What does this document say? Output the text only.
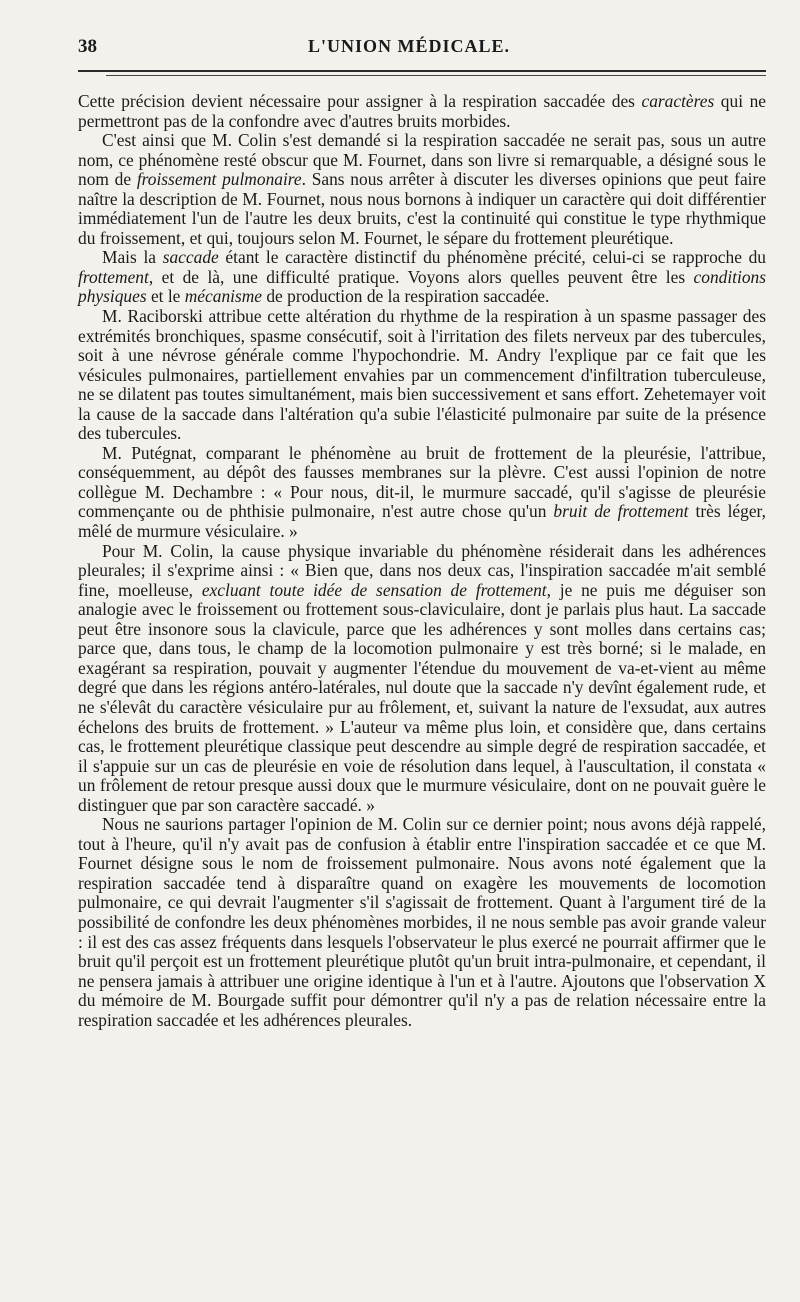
38	L'UNION MÉDICALE.

Cette précision devient nécessaire pour assigner à la respiration saccadée des caractères qui ne permettront pas de la confondre avec d'autres bruits morbides.

C'est ainsi que M. Colin s'est demandé si la respiration saccadée ne serait pas, sous un autre nom, ce phénomène resté obscur que M. Fournet, dans son livre si remarquable, a désigné sous le nom de froissement pulmonaire. Sans nous arrêter à discuter les diverses opinions que peut faire naître la description de M. Fournet, nous nous bornons à indiquer un caractère qui doit différentier immédiatement l'un de l'autre les deux bruits, c'est la continuité qui constitue le type rhythmique du froissement, et qui, toujours selon M. Fournet, le sépare du frottement pleurétique.

Mais la saccade étant le caractère distinctif du phénomène précité, celui-ci se rapproche du frottement, et de là, une difficulté pratique. Voyons alors quelles peuvent être les conditions physiques et le mécanisme de production de la respiration saccadée.

M. Raciborski attribue cette altération du rhythme de la respiration à un spasme passager des extrémités bronchiques, spasme consécutif, soit à l'irritation des filets nerveux par des tubercules, soit à une névrose générale comme l'hypochondrie. M. Andry l'explique par ce fait que les vésicules pulmonaires, partiellement envahies par un commencement d'infiltration tuberculeuse, ne se dilatent pas toutes simultanément, mais bien successivement et sans effort. Zehetemayer voit la cause de la saccade dans l'altération qu'a subie l'élasticité pulmonaire par suite de la présence des tubercules.

M. Putégnat, comparant le phénomène au bruit de frottement de la pleurésie, l'attribue, conséquemment, au dépôt des fausses membranes sur la plèvre. C'est aussi l'opinion de notre collègue M. Dechambre : « Pour nous, dit-il, le murmure saccadé, qu'il s'agisse de pleurésie commençante ou de phthisie pulmonaire, n'est autre chose qu'un bruit de frottement très léger, mêlé de murmure vésiculaire. »

Pour M. Colin, la cause physique invariable du phénomène résiderait dans les adhérences pleurales; il s'exprime ainsi : « Bien que, dans nos deux cas, l'inspiration saccadée m'ait semblé fine, moelleuse, excluant toute idée de sensation de frottement, je ne puis me déguiser son analogie avec le froissement ou frottement sous-claviculaire, dont je parlais plus haut. La saccade peut être insonore sous la clavicule, parce que les adhérences y sont molles dans certains cas; parce que, dans tous, le champ de la locomotion pulmonaire y est très borné; si le malade, en exagérant sa respiration, pouvait y augmenter l'étendue du mouvement de va-et-vient au même degré que dans les régions antéro-latérales, nul doute que la saccade n'y devînt également rude, et ne s'élevât du caractère vésiculaire pur au frôlement, et, suivant la nature de l'exsudat, aux autres échelons des bruits de frottement. » L'auteur va même plus loin, et considère que, dans certains cas, le frottement pleurétique classique peut descendre au simple degré de respiration saccadée, et il s'appuie sur un cas de pleurésie en voie de résolution dans lequel, à l'auscultation, il constata « un frôlement de retour presque aussi doux que le murmure vésiculaire, dont on ne pouvait guère le distinguer que par son caractère saccadé. »

Nous ne saurions partager l'opinion de M. Colin sur ce dernier point; nous avons déjà rappelé, tout à l'heure, qu'il n'y avait pas de confusion à établir entre l'inspiration saccadée et ce que M. Fournet désigne sous le nom de froissement pulmonaire. Nous avons noté également que la respiration saccadée tend à disparaître quand on exagère les mouvements de locomotion pulmonaire, ce qui devrait l'augmenter s'il s'agissait de frottement. Quant à l'argument tiré de la possibilité de confondre les deux phénomènes morbides, il ne nous semble pas avoir grande valeur : il est des cas assez fréquents dans lesquels l'observateur le plus exercé ne pourrait affirmer que le bruit qu'il perçoit est un frottement pleurétique plutôt qu'un bruit intra-pulmonaire, et cependant, il ne pensera jamais à attribuer une origine identique à l'un et à l'autre. Ajoutons que l'observation X du mémoire de M. Bourgade suffit pour démontrer qu'il n'y a pas de relation nécessaire entre la respiration saccadée et les adhérences pleurales.
